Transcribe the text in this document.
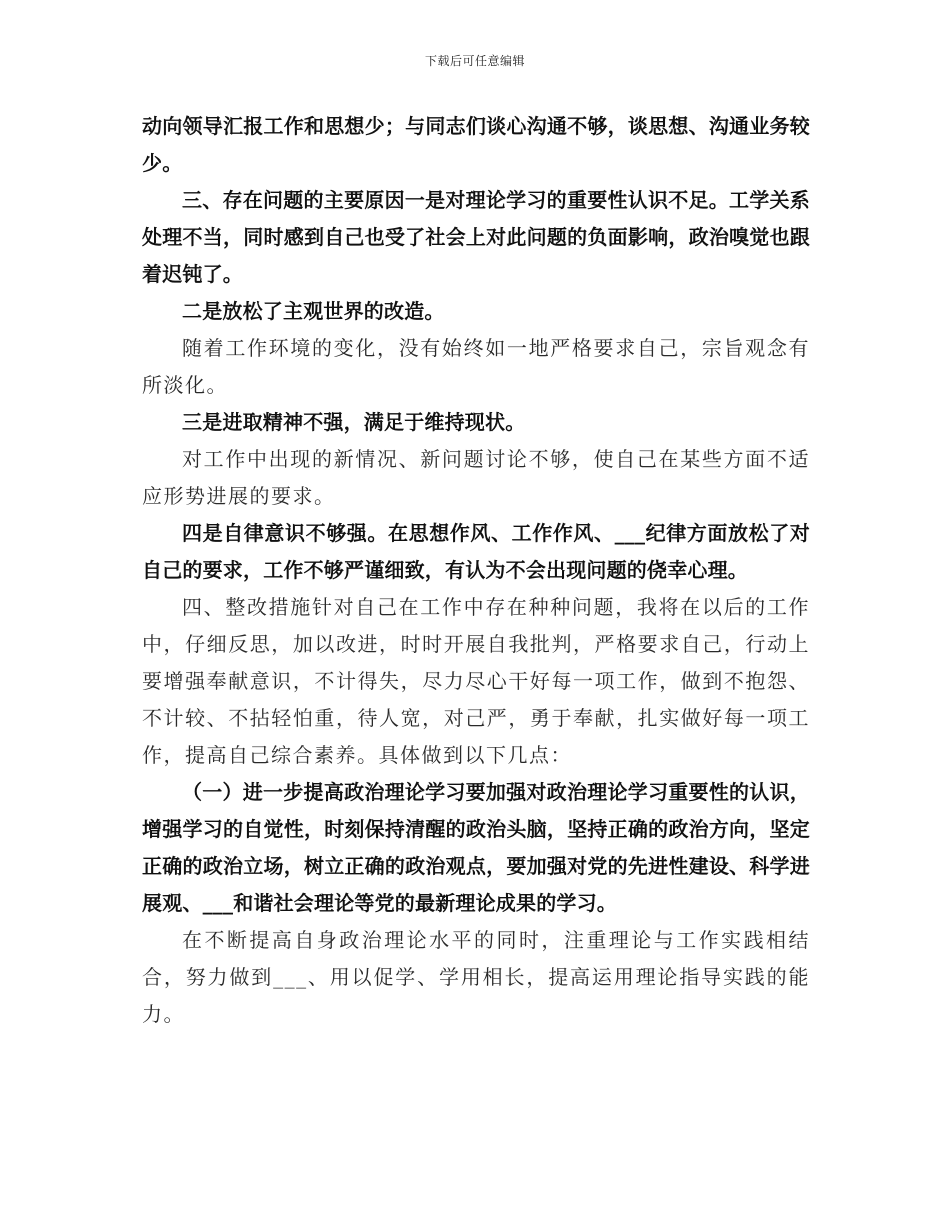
下载后可任意编辑

动向领导汇报工作和思想少；与同志们谈心沟通不够，谈思想、沟通业务较少。

三、存在问题的主要原因一是对理论学习的重要性认识不足。工学关系处理不当，同时感到自己也受了社会上对此问题的负面影响，政治嗅觉也跟着迟钝了。

二是放松了主观世界的改造。

随着工作环境的变化，没有始终如一地严格要求自己，宗旨观念有所淡化。

三是进取精神不强，满足于维持现状。

对工作中出现的新情况、新问题讨论不够，使自己在某些方面不适应形势进展的要求。

四是自律意识不够强。在思想作风、工作作风、___纪律方面放松了对自己的要求，工作不够严谨细致，有认为不会出现问题的侥幸心理。

四、整改措施针对自己在工作中存在种种问题，我将在以后的工作中，仔细反思，加以改进，时时开展自我批判，严格要求自己，行动上要增强奉献意识，不计得失，尽力尽心干好每一项工作，做到不抱怨、不计较、不拈轻怕重，待人宽，对己严，勇于奉献，扎实做好每一项工作，提高自己综合素养。具体做到以下几点：

（一）进一步提高政治理论学习要加强对政治理论学习重要性的认识，增强学习的自觉性，时刻保持清醒的政治头脑，坚持正确的政治方向，坚定正确的政治立场，树立正确的政治观点，要加强对党的先进性建设、科学进展观、___和谐社会理论等党的最新理论成果的学习。

在不断提高自身政治理论水平的同时，注重理论与工作实践相结合，努力做到___、用以促学、学用相长，提高运用理论指导实践的能力。
